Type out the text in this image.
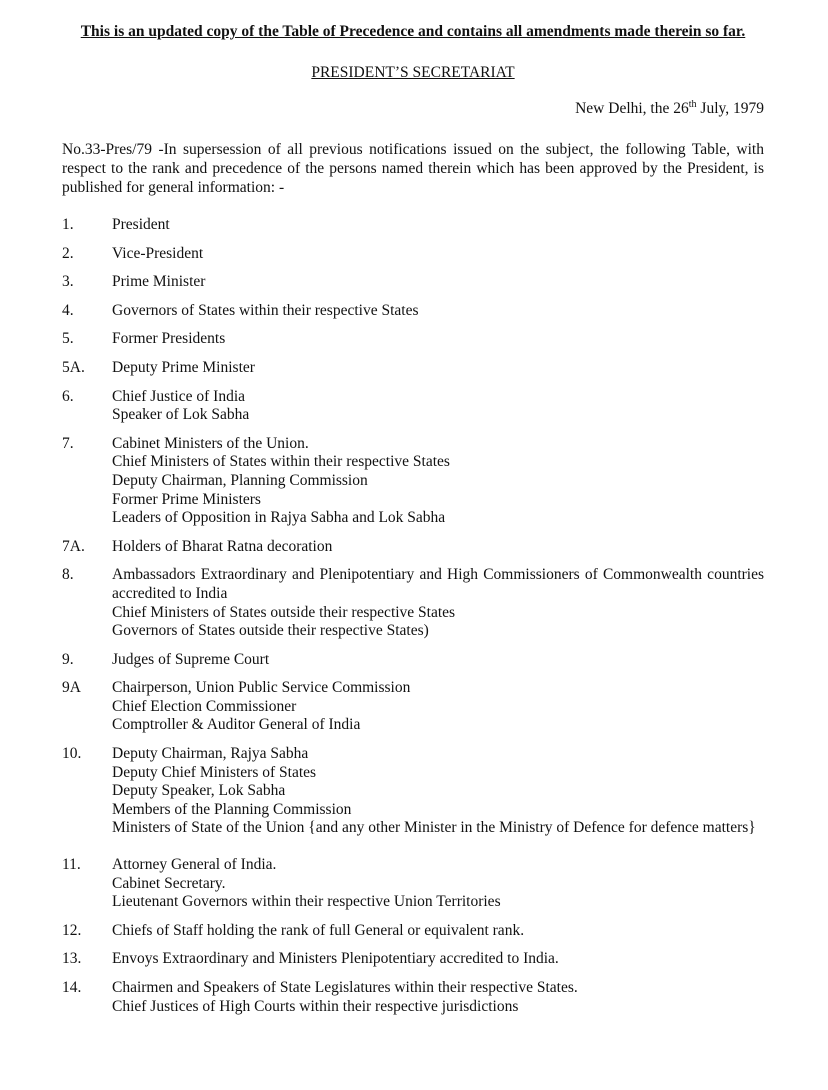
This is an updated copy of the Table of Precedence and contains all amendments made therein so far.
PRESIDENT’S SECRETARIAT
New Delhi, the 26th July, 1979
No.33-Pres/79 -In supersession of all previous notifications issued on the subject, the following Table, with respect to the rank and precedence of the persons named therein which has been approved by the President, is published for general information: -
1.	President
2.	Vice-President
3.	Prime Minister
4.	Governors of States within their respective States
5.	Former Presidents
5A.	Deputy Prime Minister
6.	Chief Justice of India
Speaker of Lok Sabha
7.	Cabinet Ministers of the Union.
Chief Ministers of States within their respective States
Deputy Chairman, Planning Commission
Former Prime Ministers
Leaders of Opposition in Rajya Sabha and Lok Sabha
7A.	Holders of Bharat Ratna decoration
8.	Ambassadors Extraordinary and Plenipotentiary and High Commissioners of Commonwealth countries accredited to India
Chief Ministers of States outside their respective States
Governors of States outside their respective States)
9.	Judges of Supreme Court
9A	Chairperson, Union Public Service Commission
Chief Election Commissioner
Comptroller & Auditor General of India
10.	Deputy Chairman, Rajya Sabha
Deputy Chief Ministers of States
Deputy Speaker, Lok Sabha
Members of the Planning Commission
Ministers of State of the Union {and any other Minister in the Ministry of Defence for defence matters}
11.	Attorney General of India.
Cabinet Secretary.
Lieutenant Governors within their respective Union Territories
12.	Chiefs of Staff holding the rank of full General or equivalent rank.
13.	Envoys Extraordinary and Ministers Plenipotentiary accredited to India.
14.	Chairmen and Speakers of State Legislatures within their respective States.
Chief Justices of High Courts within their respective jurisdictions
